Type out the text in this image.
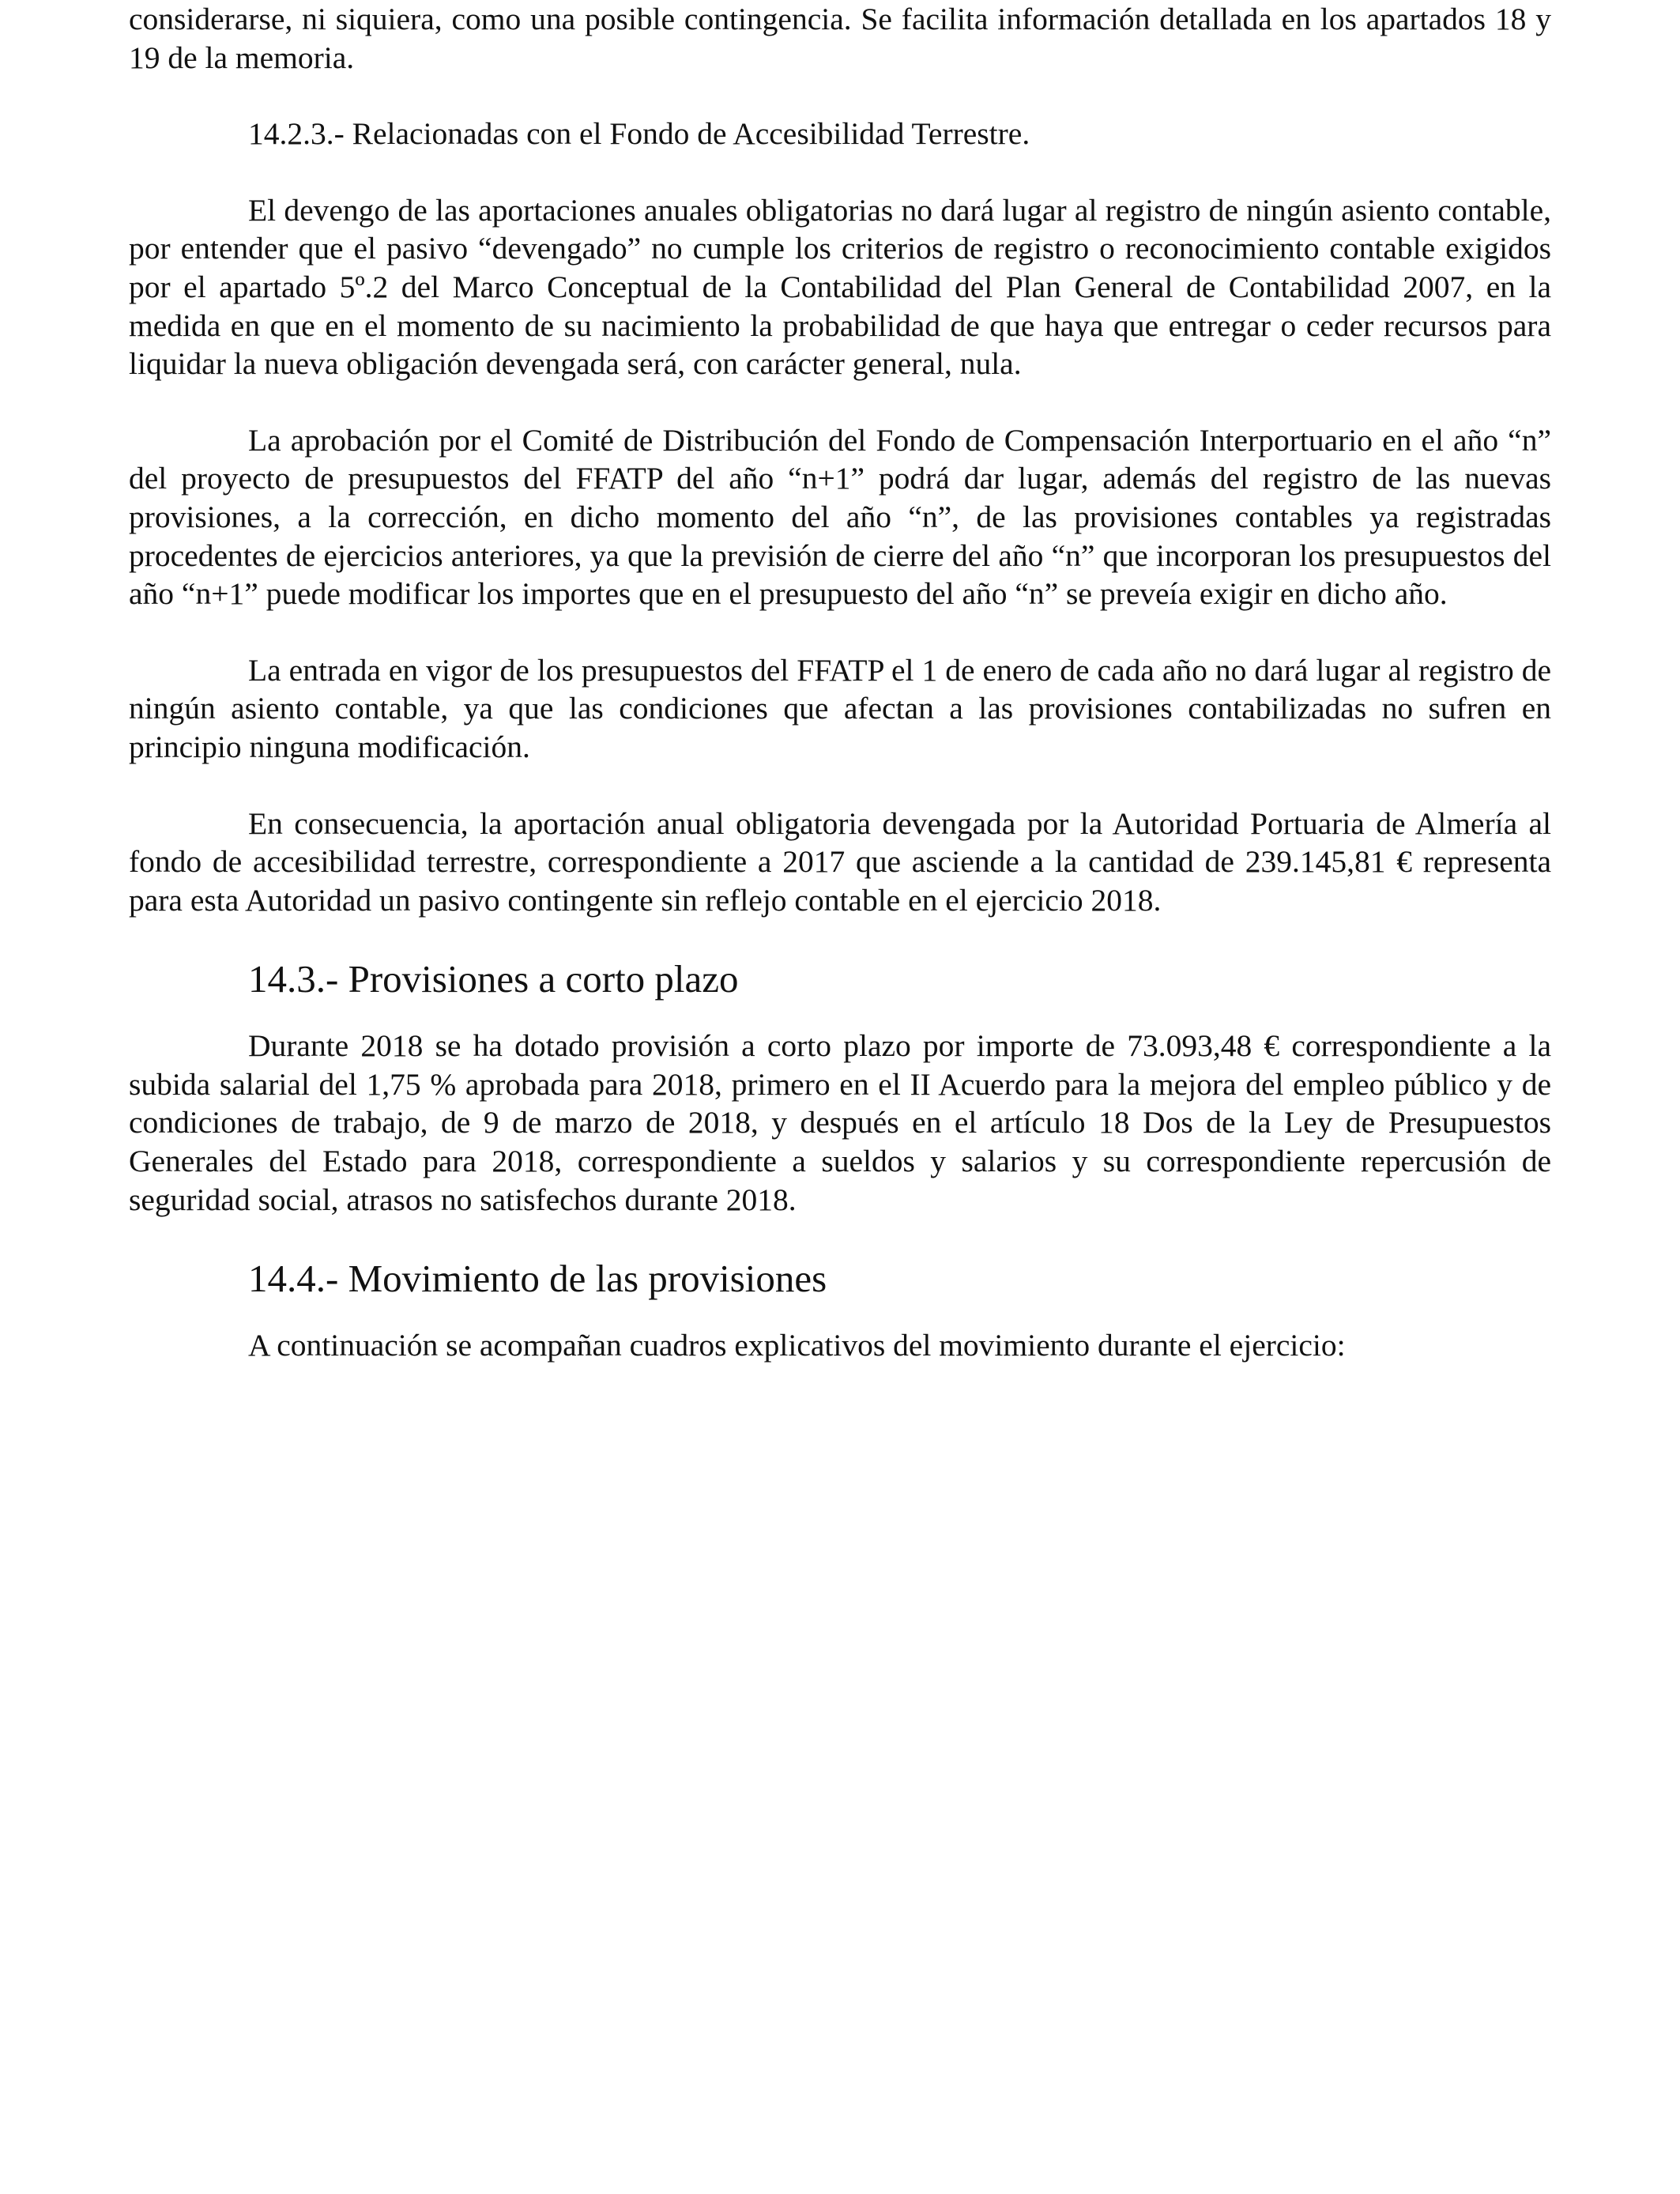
considerarse, ni siquiera, como una posible contingencia. Se facilita información detallada en los apartados 18 y 19 de la memoria.

14.2.3.- Relacionadas con el Fondo de Accesibilidad Terrestre.

El devengo de las aportaciones anuales obligatorias no dará lugar al registro de ningún asiento contable, por entender que el pasivo “devengado” no cumple los criterios de registro o reconocimiento contable exigidos por el apartado 5º.2 del Marco Conceptual de la Contabilidad del Plan General de Contabilidad 2007, en la medida en que en el momento de su nacimiento la probabilidad de que haya que entregar o ceder recursos para liquidar la nueva obligación devengada será, con carácter general, nula.

La aprobación por el Comité de Distribución del Fondo de Compensación Interportuario en el año “n” del proyecto de presupuestos del FFATP del año “n+1” podrá dar lugar, además del registro de las nuevas provisiones, a la corrección, en dicho momento del año “n”, de las provisiones contables ya registradas procedentes de ejercicios anteriores, ya que la previsión de cierre del año “n” que incorporan los presupuestos del año “n+1” puede modificar los importes que en el presupuesto del año “n” se preveía exigir en dicho año.

La entrada en vigor de los presupuestos del FFATP el 1 de enero de cada año no dará lugar al registro de ningún asiento contable, ya que las condiciones que afectan a las provisiones contabilizadas no sufren en principio ninguna modificación.

En consecuencia, la aportación anual obligatoria devengada por la Autoridad Portuaria de Almería al fondo de accesibilidad terrestre, correspondiente a 2017 que asciende a la cantidad de 239.145,81 € representa para esta Autoridad un pasivo contingente sin reflejo contable en el ejercicio 2018.

14.3.- Provisiones a corto plazo

Durante 2018 se ha dotado provisión a corto plazo por importe de 73.093,48 € correspondiente a la subida salarial del 1,75 % aprobada para 2018, primero en el II Acuerdo para la mejora del empleo público y de condiciones de trabajo, de 9 de marzo de 2018, y después en el artículo 18 Dos de la Ley de Presupuestos Generales del Estado para 2018, correspondiente a sueldos y salarios y su correspondiente repercusión de seguridad social, atrasos no satisfechos durante 2018.

14.4.- Movimiento de las provisiones

A continuación se acompañan cuadros explicativos del movimiento durante el ejercicio:
